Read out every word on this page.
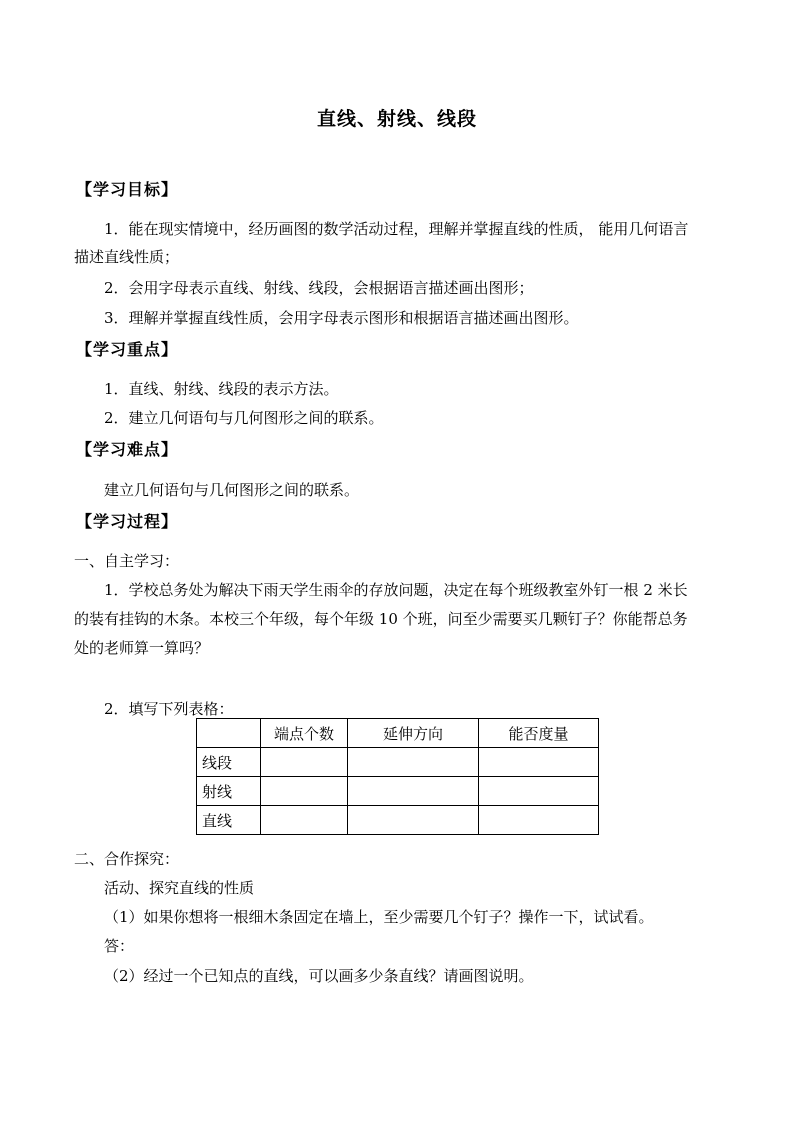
直线、射线、线段
【学习目标】
1．能在现实情境中，经历画图的数学活动过程，理解并掌握直线的性质， 能用几何语言
描述直线性质；
2．会用字母表示直线、射线、线段，会根据语言描述画出图形；
3．理解并掌握直线性质，会用字母表示图形和根据语言描述画出图形。
【学习重点】
1．直线、射线、线段的表示方法。
2．建立几何语句与几何图形之间的联系。
【学习难点】
建立几何语句与几何图形之间的联系。
【学习过程】
一、自主学习：
1．学校总务处为解决下雨天学生雨伞的存放问题，决定在每个班级教室外钉一根 2 米长
的装有挂钩的木条。本校三个年级，每个年级 10 个班，问至少需要买几颗钉子？你能帮总务
处的老师算一算吗？
2．填写下列表格：
	端点个数	延伸方向	能否度量
线段			
射线			
直线			
二、合作探究：
活动、探究直线的性质
（1）如果你想将一根细木条固定在墙上，至少需要几个钉子？操作一下，试试看。
答：
（2）经过一个已知点的直线，可以画多少条直线？请画图说明。
